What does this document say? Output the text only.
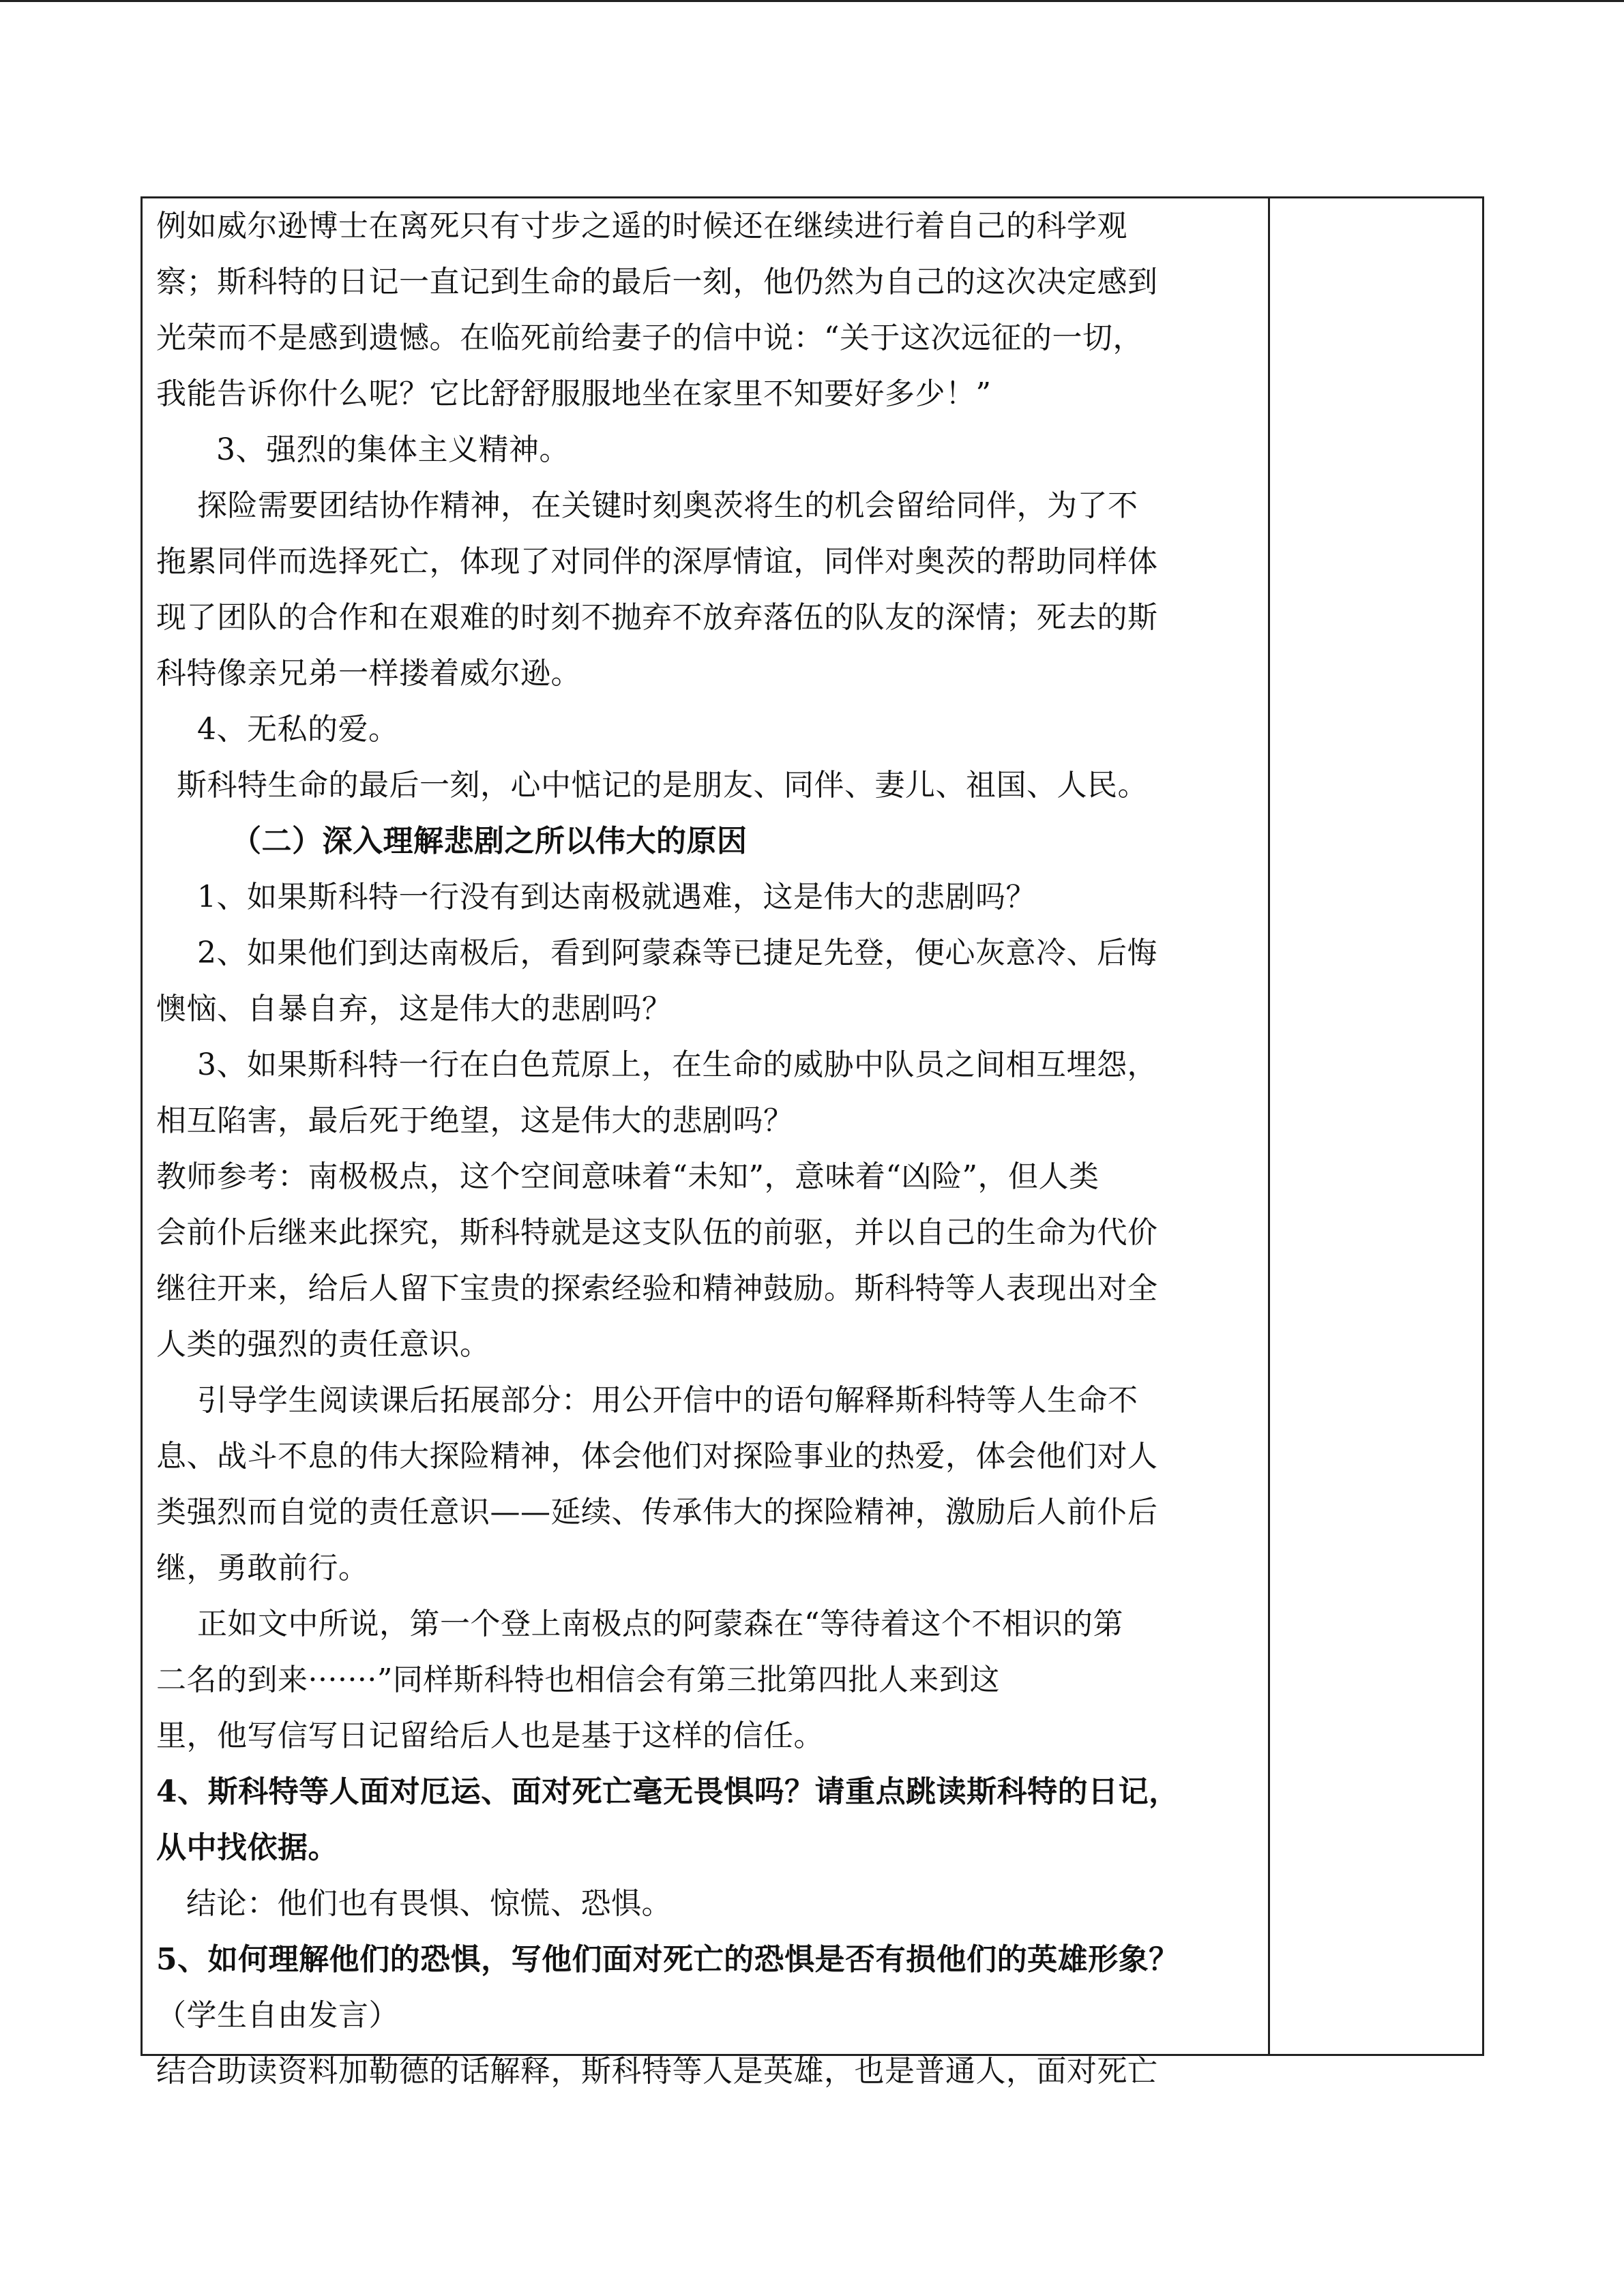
例如威尔逊博士在离死只有寸步之遥的时候还在继续进行着自己的科学观
察；斯科特的日记一直记到生命的最后一刻，他仍然为自己的这次决定感到
光荣而不是感到遗憾。在临死前给妻子的信中说：“关于这次远征的一切，
我能告诉你什么呢？它比舒舒服服地坐在家里不知要好多少！”
3、强烈的集体主义精神。
探险需要团结协作精神，在关键时刻奥茨将生的机会留给同伴，为了不
拖累同伴而选择死亡，体现了对同伴的深厚情谊，同伴对奥茨的帮助同样体
现了团队的合作和在艰难的时刻不抛弃不放弃落伍的队友的深情；死去的斯
科特像亲兄弟一样搂着威尔逊。
4、无私的爱。
斯科特生命的最后一刻，心中惦记的是朋友、同伴、妻儿、祖国、人民。
（二）深入理解悲剧之所以伟大的原因
1、如果斯科特一行没有到达南极就遇难，这是伟大的悲剧吗？
2、如果他们到达南极后，看到阿蒙森等已捷足先登，便心灰意冷、后悔
懊恼、自暴自弃，这是伟大的悲剧吗？
3、如果斯科特一行在白色荒原上，在生命的威胁中队员之间相互埋怨，
相互陷害，最后死于绝望，这是伟大的悲剧吗？
教师参考：南极极点，这个空间意味着“未知”，意味着“凶险”，但人类
会前仆后继来此探究，斯科特就是这支队伍的前驱，并以自己的生命为代价
继往开来，给后人留下宝贵的探索经验和精神鼓励。斯科特等人表现出对全
人类的强烈的责任意识。
引导学生阅读课后拓展部分：用公开信中的语句解释斯科特等人生命不
息、战斗不息的伟大探险精神，体会他们对探险事业的热爱，体会他们对人
类强烈而自觉的责任意识——延续、传承伟大的探险精神，激励后人前仆后
继，勇敢前行。
正如文中所说，第一个登上南极点的阿蒙森在“等待着这个不相识的第
二名的到来·······”同样斯科特也相信会有第三批第四批人来到这
里，他写信写日记留给后人也是基于这样的信任。
4、斯科特等人面对厄运、面对死亡毫无畏惧吗？请重点跳读斯科特的日记，
从中找依据。
结论：他们也有畏惧、惊慌、恐惧。
5、如何理解他们的恐惧，写他们面对死亡的恐惧是否有损他们的英雄形象？
（学生自由发言）
结合助读资料加勒德的话解释，斯科特等人是英雄，也是普通人，面对死亡
